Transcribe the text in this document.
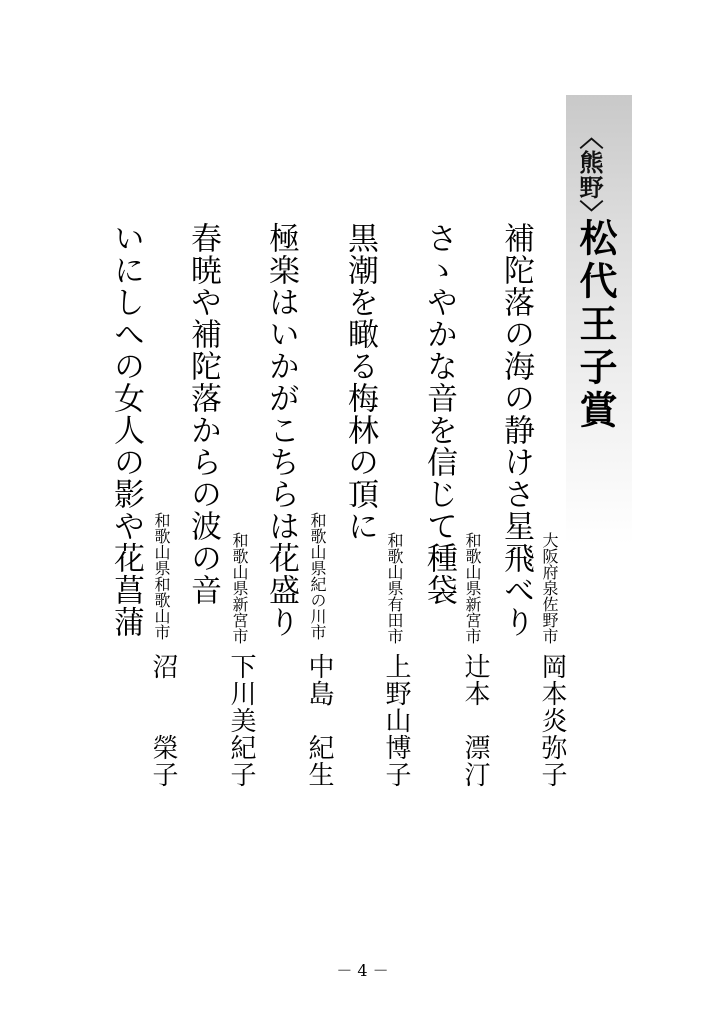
〈熊野〉
松代王子賞
補陀落の海の静けさ星飛べり 大阪府泉佐野市
岡本炎弥子
さゝやかな音を信じて種袋 和歌山県新宮市
辻本　漂汀
黒潮を瞰る梅林の頂に
和歌山県有田市
上野山博子
極楽はいかがこちらは花盛り 和歌山県紀の川市
中島　紀生
春暁や補陀落からの波の音 和歌山県新宮市
下川美紀子
いにしへの女人の影や花菖蒲 和歌山県和歌山市
沼　　榮子
－ 4 －
